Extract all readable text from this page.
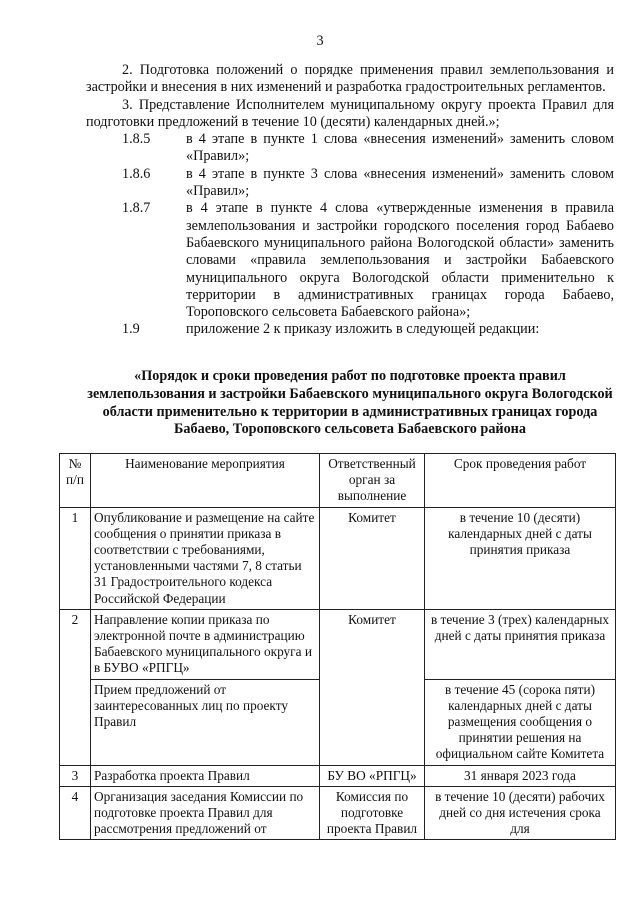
3

2. Подготовка положений о порядке применения правил землепользования и застройки и внесения в них изменений и разработка градостроительных регламентов.

3. Представление Исполнителем муниципальному округу проекта Правил для подготовки предложений в течение 10 (десяти) календарных дней.»;

1.8.5	в 4 этапе в пункте 1 слова «внесения изменений» заменить словом «Правил»;
1.8.6	в 4 этапе в пункте 3 слова «внесения изменений» заменить словом «Правил»;
1.8.7	в 4 этапе в пункте 4 слова «утвержденные изменения в правила землепользования и застройки городского поселения город Бабаево Бабаевского муниципального района Вологодской области» заменить словами «правила землепользования и застройки Бабаевского муниципального округа Вологодской области применительно к территории в административных границах города Бабаево, Тороповского сельсовета Бабаевского района»;
1.9	приложение 2 к приказу изложить в следующей редакции:
«Порядок и сроки проведения работ по подготовке проекта правил землепользования и застройки Бабаевского муниципального округа Вологодской области применительно к территории в административных границах города Бабаево, Тороповского сельсовета Бабаевского района
№ п/п	Наименование мероприятия	Ответственный орган за выполнение	Срок проведения работ
1	Опубликование и размещение на сайте сообщения о принятии приказа в соответствии с требованиями, установленными частями 7, 8 статьи 31 Градостроительного кодекса Российской Федерации	Комитет	в течение 10 (десяти) календарных дней с даты принятия приказа
2	Направление копии приказа по электронной почте в администрацию Бабаевского муниципального округа и в БУВО «РПГЦ»	Комитет	в течение 3 (трех) календарных дней с даты принятия приказа
	Прием предложений от заинтересованных лиц по проекту Правил		в течение 45 (сорока пяти) календарных дней с даты размещения сообщения о принятии решения на официальном сайте Комитета
3	Разработка проекта Правил	БУ ВО «РПГЦ»	31 января 2023 года
4	Организация заседания Комиссии по подготовке проекта Правил для рассмотрения предложений от	Комиссия по подготовке проекта Правил	в течение 10 (десяти) рабочих дней со дня истечения срока для
